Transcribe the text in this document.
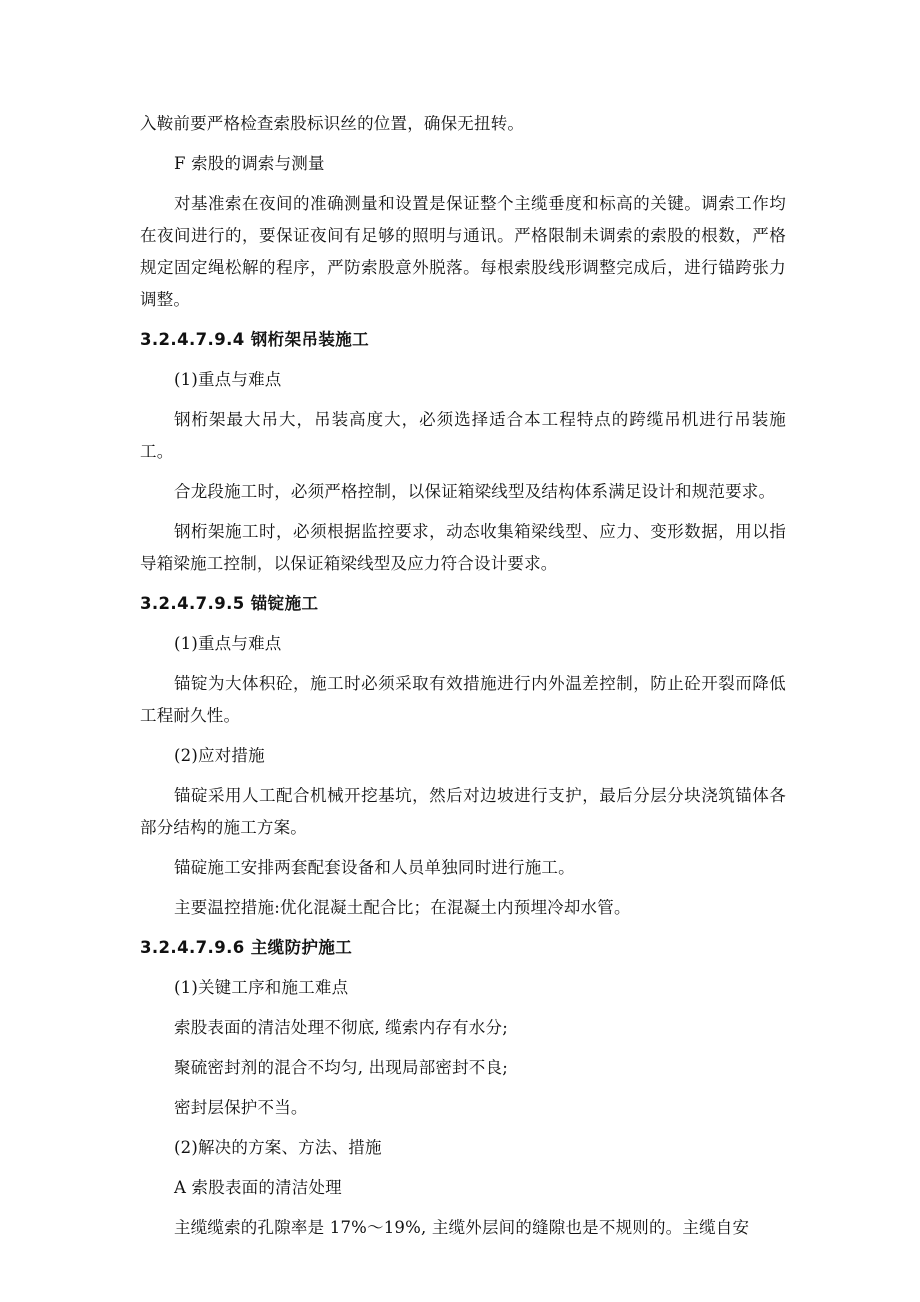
入鞍前要严格检查索股标识丝的位置，确保无扭转。

F 索股的调索与测量

对基准索在夜间的准确测量和设置是保证整个主缆垂度和标高的关键。调索工作均在夜间进行的，要保证夜间有足够的照明与通讯。严格限制未调索的索股的根数，严格规定固定绳松解的程序，严防索股意外脱落。每根索股线形调整完成后，进行锚跨张力调整。

3.2.4.7.9.4 钢桁架吊装施工

(1)重点与难点

钢桁架最大吊大，吊装高度大，必须选择适合本工程特点的跨缆吊机进行吊装施工。

合龙段施工时，必须严格控制，以保证箱梁线型及结构体系满足设计和规范要求。

钢桁架施工时，必须根据监控要求，动态收集箱梁线型、应力、变形数据，用以指导箱梁施工控制，以保证箱梁线型及应力符合设计要求。

3.2.4.7.9.5 锚锭施工

(1)重点与难点

锚锭为大体积砼，施工时必须采取有效措施进行内外温差控制，防止砼开裂而降低工程耐久性。

(2)应对措施

锚碇采用人工配合机械开挖基坑，然后对边坡进行支护，最后分层分块浇筑锚体各部分结构的施工方案。

锚碇施工安排两套配套设备和人员单独同时进行施工。

主要温控措施:优化混凝土配合比；在混凝土内预埋冷却水管。

3.2.4.7.9.6 主缆防护施工

(1)关键工序和施工难点

索股表面的清洁处理不彻底, 缆索内存有水分;

聚硫密封剂的混合不均匀, 出现局部密封不良;

密封层保护不当。

(2)解决的方案、方法、措施

A 索股表面的清洁处理

主缆缆索的孔隙率是 17%～19%, 主缆外层间的缝隙也是不规则的。主缆自安
